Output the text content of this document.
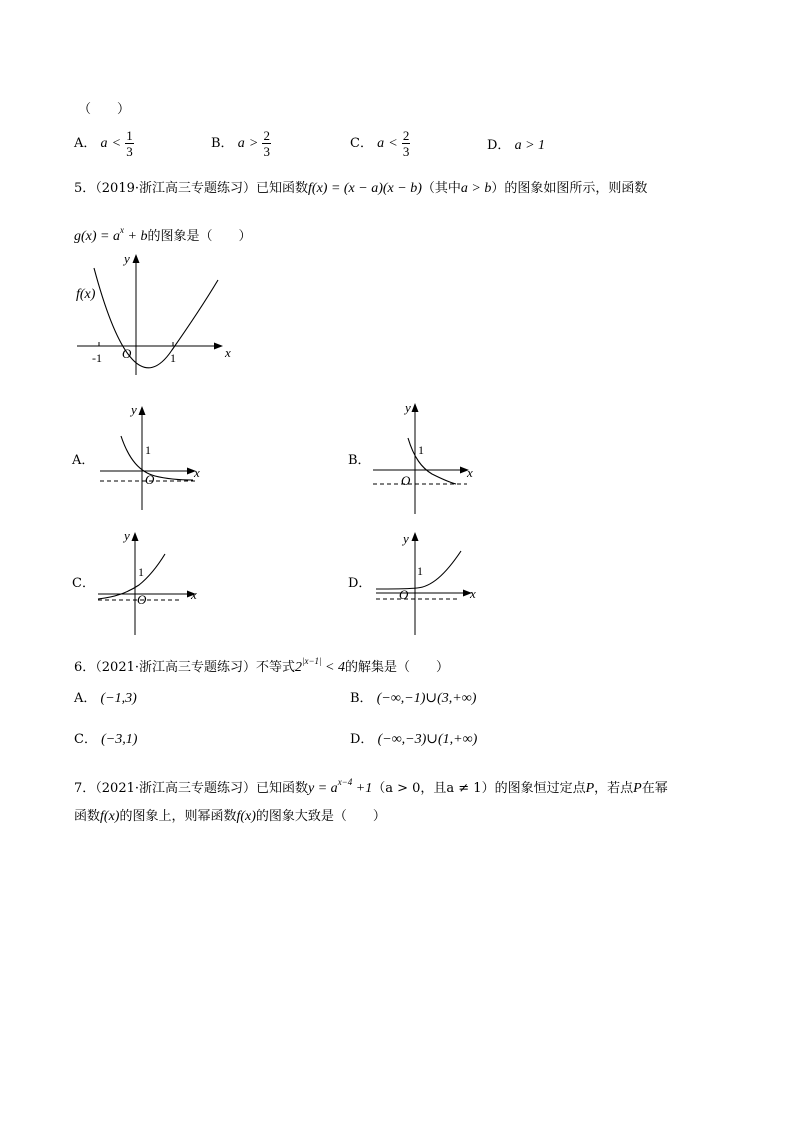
（　　）
A． $a < \frac{1}{3}$	B． $a > \frac{2}{3}$	C． $a < \frac{2}{3}$	D． a > 1
5．（2019·浙江高三专题练习）已知函数f(x) = (x − a)(x − b)（其中a > b）的图象如图所示，则函数
$g(x) = a^x + b$的图象是（　　）
y
x
f(x)
O
-1	1
A．
y
x
O
1
B．
y
x
O
1
C．
y
x
O
1
D．
y
x
O
1
6．（2021·浙江高三专题练习）不等式$2^{|x-1|} < 4$的解集是（　　）
A． (−1,3)	B． (−∞,−1)∪(3,+∞)
C． (−3,1)	D． (−∞,−3)∪(1,+∞)
7．（2021·浙江高三专题练习）已知函数$y = a^{x-4} +1(a > 0$，且a ≠ 1）的图象恒过定点P，若点P在幂
函数f(x)的图象上，则幂函数f(x)的图象大致是（　　）
